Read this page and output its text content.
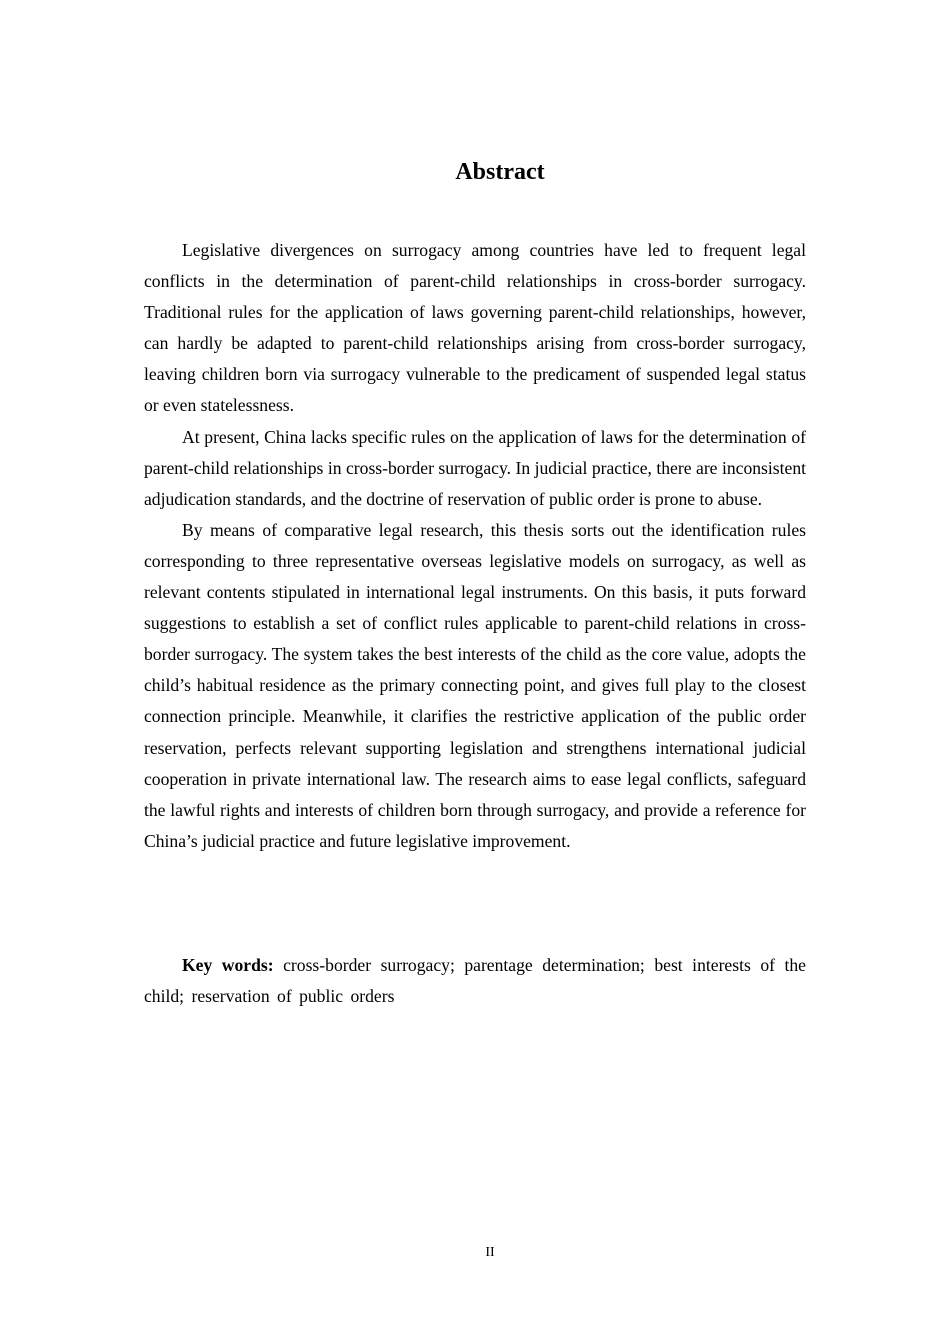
Abstract

Legislative divergences on surrogacy among countries have led to frequent legal conflicts in the determination of parent-child relationships in cross-border surrogacy. Traditional rules for the application of laws governing parent-child relationships, however, can hardly be adapted to parent-child relationships arising from cross-border surrogacy, leaving children born via surrogacy vulnerable to the predicament of suspended legal status or even statelessness.

At present, China lacks specific rules on the application of laws for the determination of parent-child relationships in cross-border surrogacy. In judicial practice, there are inconsistent adjudication standards, and the doctrine of reservation of public order is prone to abuse.

By means of comparative legal research, this thesis sorts out the identification rules corresponding to three representative overseas legislative models on surrogacy, as well as relevant contents stipulated in international legal instruments. On this basis, it puts forward suggestions to establish a set of conflict rules applicable to parent-child relations in cross-border surrogacy. The system takes the best interests of the child as the core value, adopts the child’s habitual residence as the primary connecting point, and gives full play to the closest connection principle. Meanwhile, it clarifies the restrictive application of the public order reservation, perfects relevant supporting legislation and strengthens international judicial cooperation in private international law. The research aims to ease legal conflicts, safeguard the lawful rights and interests of children born through surrogacy, and provide a reference for China’s judicial practice and future legislative improvement.

Key words: cross-border surrogacy; parentage determination; best interests of the child; reservation of public orders

II
